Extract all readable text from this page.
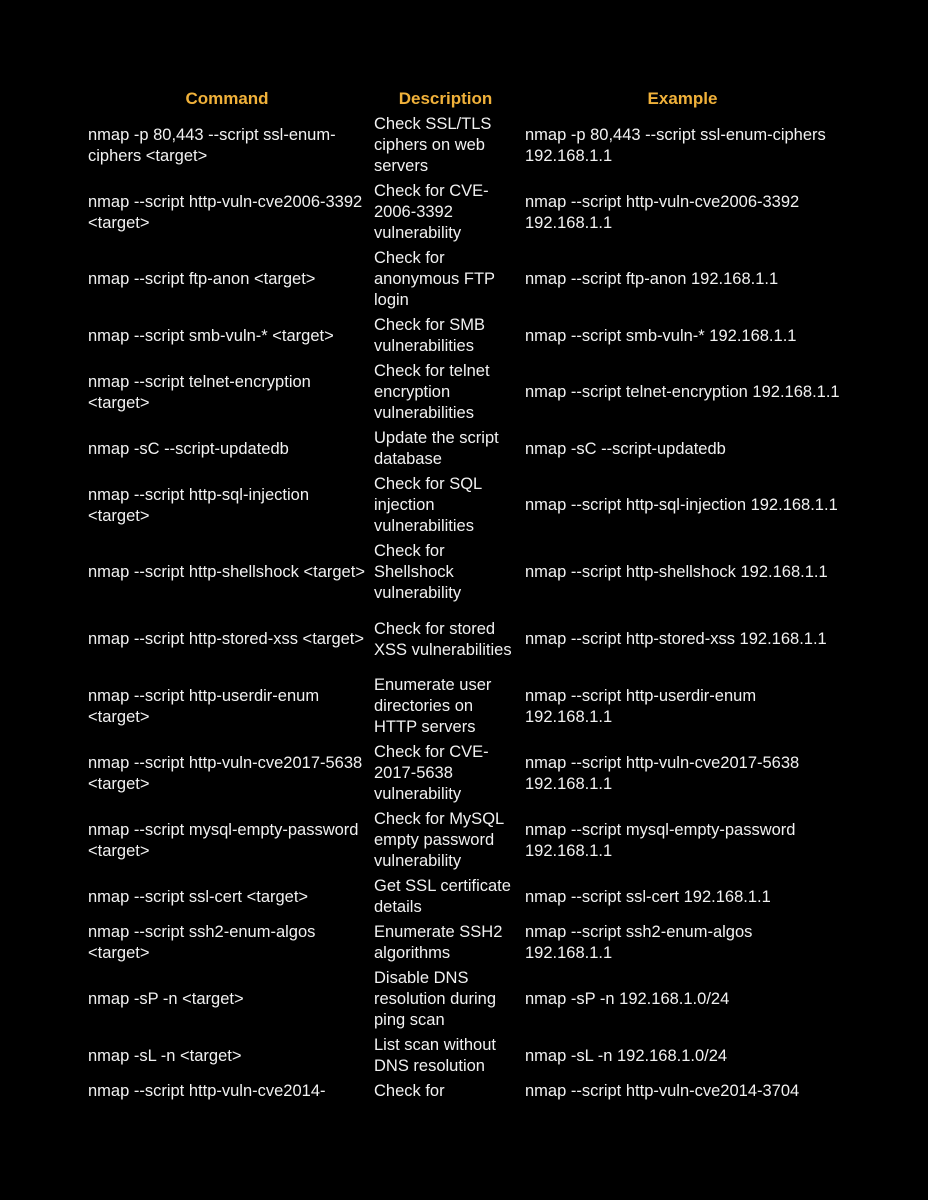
Command	Description	Example
nmap -p 80,443 --script ssl-enum-ciphers <target>	Check SSL/TLS ciphers on web servers	nmap -p 80,443 --script ssl-enum-ciphers 192.168.1.1
nmap --script http-vuln-cve2006-3392 <target>	Check for CVE-2006-3392 vulnerability	nmap --script http-vuln-cve2006-3392 192.168.1.1
nmap --script ftp-anon <target>	Check for anonymous FTP login	nmap --script ftp-anon 192.168.1.1
nmap --script smb-vuln-* <target>	Check for SMB vulnerabilities	nmap --script smb-vuln-* 192.168.1.1
nmap --script telnet-encryption <target>	Check for telnet encryption vulnerabilities	nmap --script telnet-encryption 192.168.1.1
nmap -sC --script-updatedb	Update the script database	nmap -sC --script-updatedb
nmap --script http-sql-injection <target>	Check for SQL injection vulnerabilities	nmap --script http-sql-injection 192.168.1.1
nmap --script http-shellshock <target>	Check for Shellshock vulnerability	nmap --script http-shellshock 192.168.1.1
nmap --script http-stored-xss <target>	Check for stored XSS vulnerabilities	nmap --script http-stored-xss 192.168.1.1
nmap --script http-userdir-enum <target>	Enumerate user directories on HTTP servers	nmap --script http-userdir-enum 192.168.1.1
nmap --script http-vuln-cve2017-5638 <target>	Check for CVE-2017-5638 vulnerability	nmap --script http-vuln-cve2017-5638 192.168.1.1
nmap --script mysql-empty-password <target>	Check for MySQL empty password vulnerability	nmap --script mysql-empty-password 192.168.1.1
nmap --script ssl-cert <target>	Get SSL certificate details	nmap --script ssl-cert 192.168.1.1
nmap --script ssh2-enum-algos <target>	Enumerate SSH2 algorithms	nmap --script ssh2-enum-algos 192.168.1.1
nmap -sP -n <target>	Disable DNS resolution during ping scan	nmap -sP -n 192.168.1.0/24
nmap -sL -n <target>	List scan without DNS resolution	nmap -sL -n 192.168.1.0/24
nmap --script http-vuln-cve2014-	Check for	nmap --script http-vuln-cve2014-3704
